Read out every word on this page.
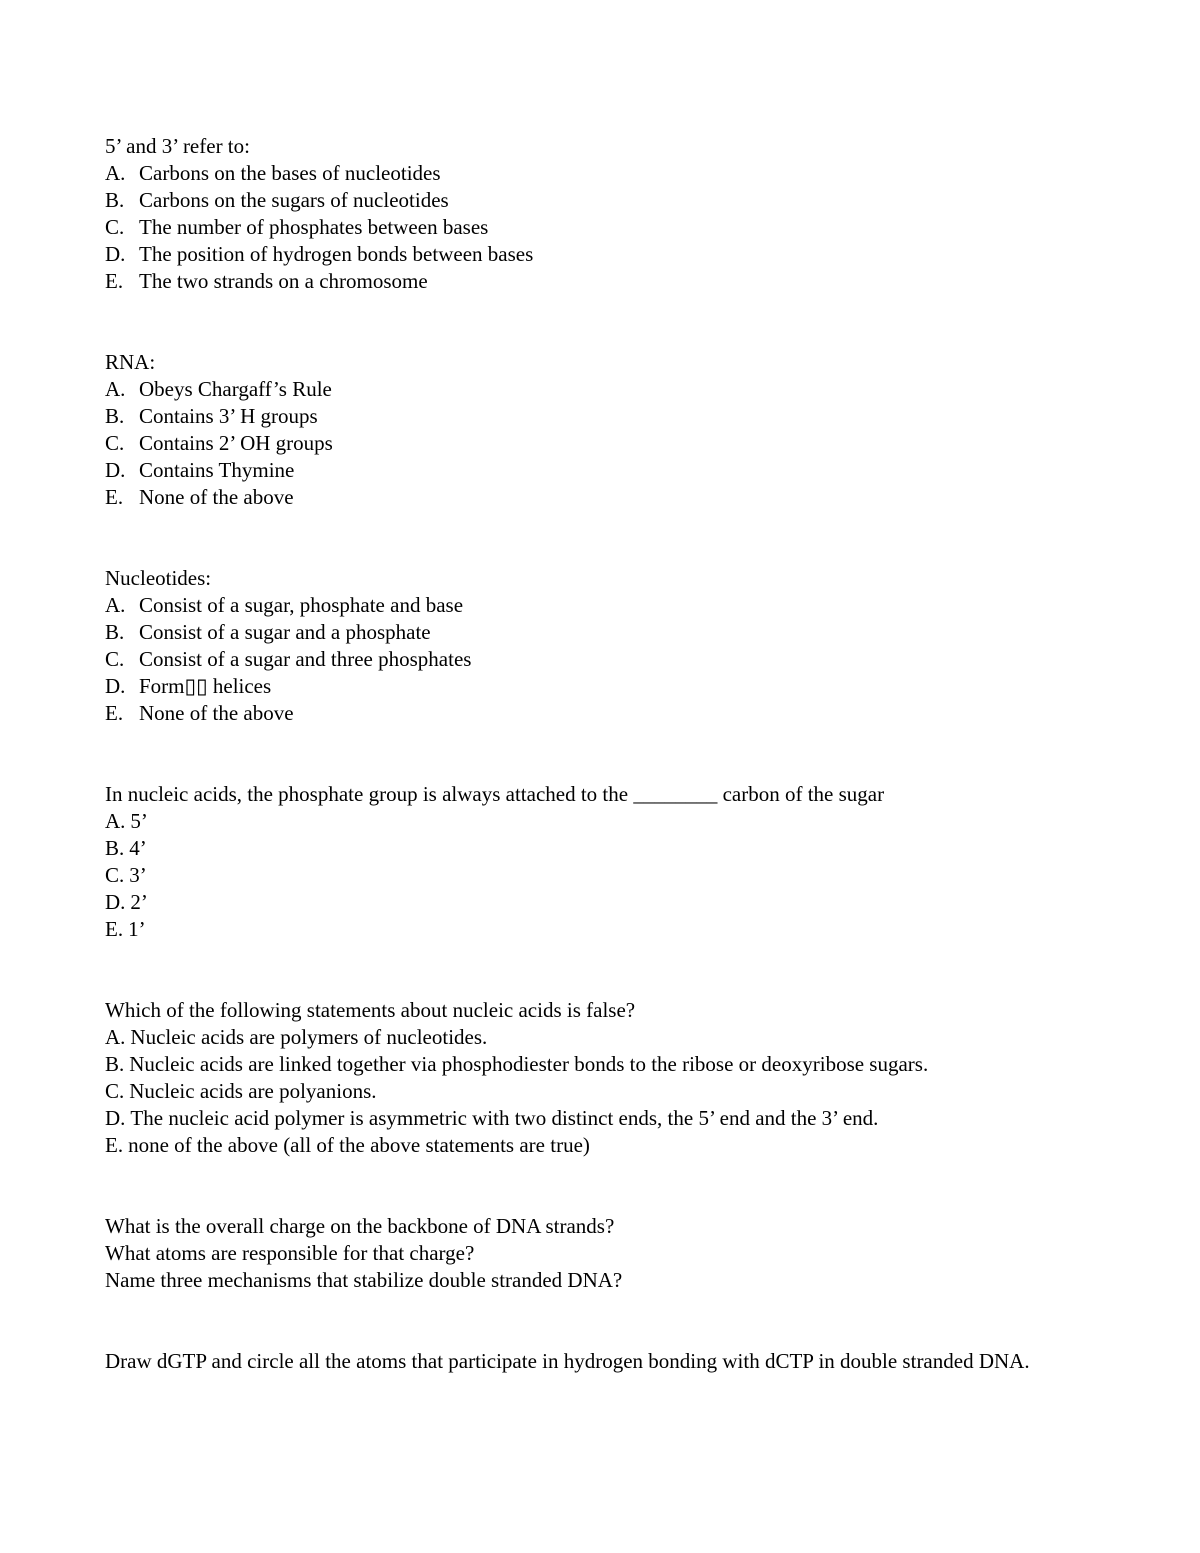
5’ and 3’ refer to:
A. Carbons on the bases of nucleotides
B. Carbons on the sugars of nucleotides
C. The number of phosphates between bases
D. The position of hydrogen bonds between bases
E. The two strands on a chromosome
RNA:
A. Obeys Chargaff’s Rule
B. Contains 3’ H groups
C. Contains 2’ OH groups
D. Contains Thymine
E. None of the above
Nucleotides:
A. Consist of a sugar, phosphate and base
B. Consist of a sugar and a phosphate
C. Consist of a sugar and three phosphates
D. Form▯▯ helices
E. None of the above
In nucleic acids, the phosphate group is always attached to the ________ carbon of the sugar
A. 5’
B. 4’
C. 3’
D. 2’
E. 1’
Which of the following statements about nucleic acids is false?
A. Nucleic acids are polymers of nucleotides.
B. Nucleic acids are linked together via phosphodiester bonds to the ribose or deoxyribose sugars.
C. Nucleic acids are polyanions.
D. The nucleic acid polymer is asymmetric with two distinct ends, the 5’ end and the 3’ end.
E. none of the above (all of the above statements are true)
What is the overall charge on the backbone of DNA strands?
What atoms are responsible for that charge?
Name three mechanisms that stabilize double stranded DNA?
Draw dGTP and circle all the atoms that participate in hydrogen bonding with dCTP in double stranded DNA.
